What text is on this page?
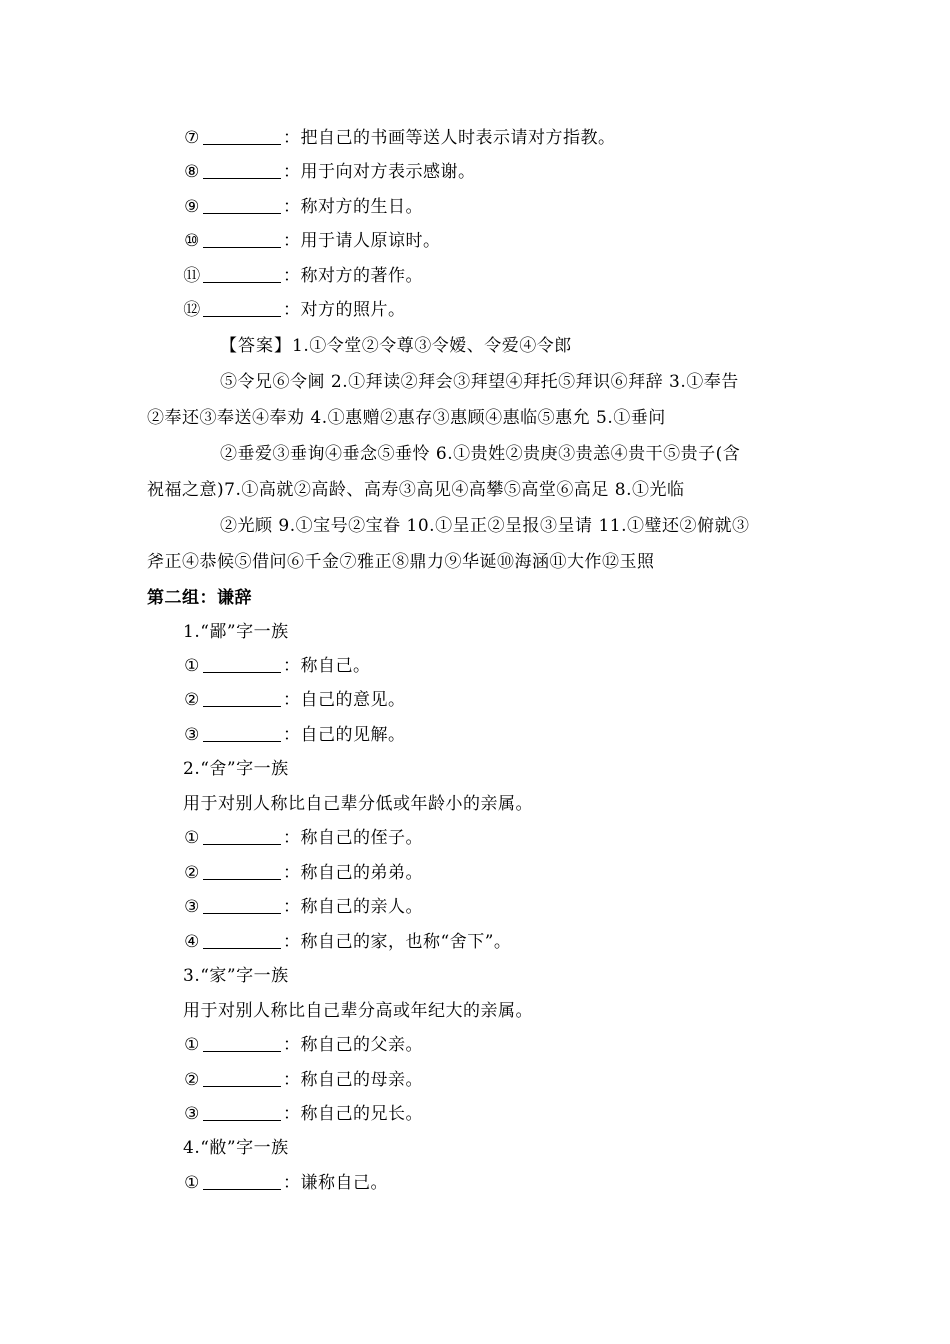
⑦	：把自己的书画等送人时表示请对方指教。
⑧	：用于向对方表示感谢。
⑨	：称对方的生日。
⑩	：用于请人原谅时。
⑪	：称对方的著作。
⑫	：对方的照片。
【答案】1.①令堂②令尊③令嫒、令爱④令郎
⑤令兄⑥令阃 2.①拜读②拜会③拜望④拜托⑤拜识⑥拜辞 3.①奉告
②奉还③奉送④奉劝 4.①惠赠②惠存③惠顾④惠临⑤惠允 5.①垂问
②垂爱③垂询④垂念⑤垂怜 6.①贵姓②贵庚③贵恙④贵干⑤贵子(含
祝福之意)7.①高就②高龄、高寿③高见④高攀⑤高堂⑥高足 8.①光临
②光顾 9.①宝号②宝眷 10.①呈正②呈报③呈请 11.①璧还②俯就③
斧正④恭候⑤借问⑥千金⑦雅正⑧鼎力⑨华诞⑩海涵⑪大作⑫玉照
第二组：谦辞
1.“鄙”字一族
①	：称自己。
②	：自己的意见。
③	：自己的见解。
2.“舍”字一族
用于对别人称比自己辈分低或年龄小的亲属。
①	：称自己的侄子。
②	：称自己的弟弟。
③	：称自己的亲人。
④	：称自己的家，也称“舍下”。
3.“家”字一族
用于对别人称比自己辈分高或年纪大的亲属。
①	：称自己的父亲。
②	：称自己的母亲。
③	：称自己的兄长。
4.“敝”字一族
①	：谦称自己。
